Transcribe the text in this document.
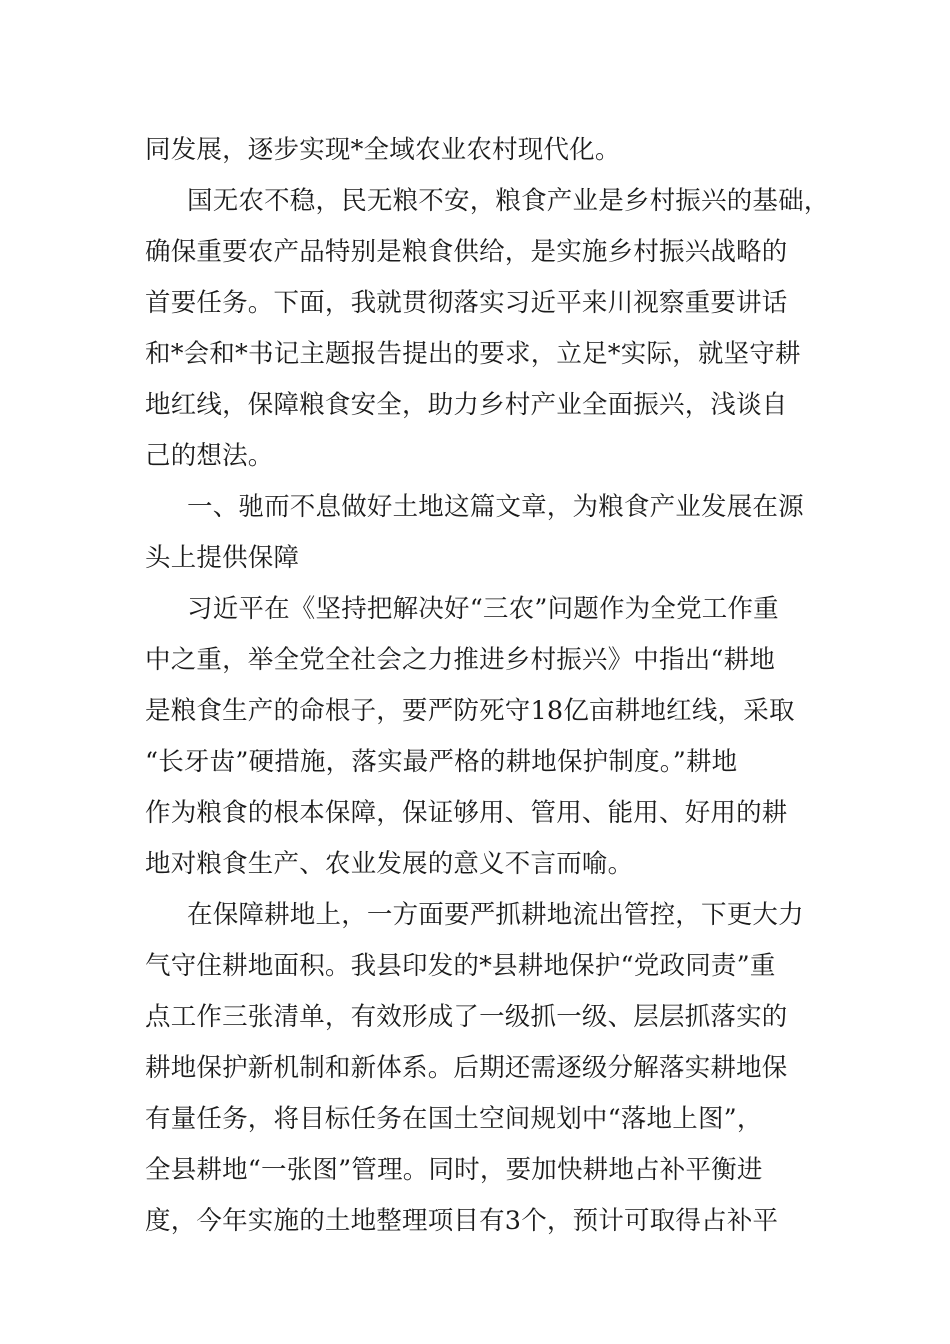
同发展，逐步实现*全域农业农村现代化。
国无农不稳，民无粮不安，粮食产业是乡村振兴的基础，
确保重要农产品特别是粮食供给，是实施乡村振兴战略的
首要任务。下面，我就贯彻落实习近平来川视察重要讲话
和*会和*书记主题报告提出的要求，立足*实际，就坚守耕
地红线，保障粮食安全，助力乡村产业全面振兴，浅谈自
己的想法。
一、驰而不息做好土地这篇文章，为粮食产业发展在源
头上提供保障
习近平在《坚持把解决好“三农”问题作为全党工作重
中之重，举全党全社会之力推进乡村振兴》中指出“耕地
是粮食生产的命根子，要严防死守18亿亩耕地红线，采取
“长牙齿”硬措施，落实最严格的耕地保护制度。”耕地
作为粮食的根本保障，保证够用、管用、能用、好用的耕
地对粮食生产、农业发展的意义不言而喻。
在保障耕地上，一方面要严抓耕地流出管控，下更大力
气守住耕地面积。我县印发的*县耕地保护“党政同责”重
点工作三张清单，有效形成了一级抓一级、层层抓落实的
耕地保护新机制和新体系。后期还需逐级分解落实耕地保
有量任务，将目标任务在国土空间规划中“落地上图”，
全县耕地“一张图”管理。同时，要加快耕地占补平衡进
度，今年实施的土地整理项目有3个，预计可取得占补平
